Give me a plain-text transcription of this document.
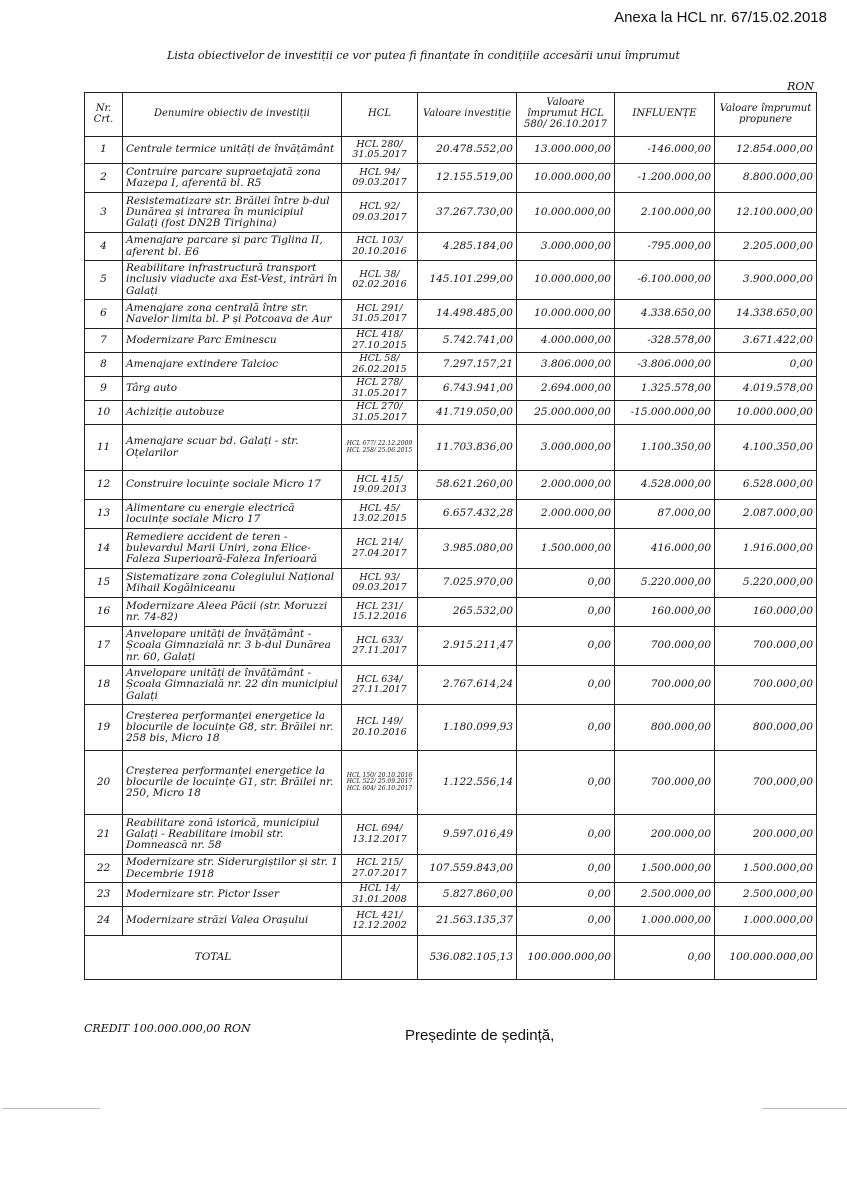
Anexa la HCL nr. 67/15.02.2018
Lista obiectivelor de investiții ce vor putea fi finanțate în condițiile accesării unui împrumut
RON
Nr. Crt.	Denumire obiectiv de investiții	HCL	Valoare investiție	Valoare împrumut HCL 580/ 26.10.2017	INFLUENȚE	Valoare împrumut propunere
1	Centrale termice unități de învățământ	HCL 280/ 31.05.2017	20.478.552,00	13.000.000,00	-146.000,00	12.854.000,00
2	Contruire parcare supraetajată zona Mazepa I, aferentă bl. R5	HCL 94/ 09.03.2017	12.155.519,00	10.000.000,00	-1.200.000,00	8.800.000,00
3	Resistematizare str. Brăilei între b-dul Dunărea și intrarea în municipiul Galați (fost DN2B Tirighina)	HCL 92/ 09.03.2017	37.267.730,00	10.000.000,00	2.100.000,00	12.100.000,00
4	Amenajare parcare și parc Tiglina II, aferent bl. E6	HCL 103/ 20.10.2016	4.285.184,00	3.000.000,00	-795.000,00	2.205.000,00
5	Reabilitare infrastructură transport inclusiv viaducte axa Est-Vest, intrări în Galați	HCL 38/ 02.02.2016	145.101.299,00	10.000.000,00	-6.100.000,00	3.900.000,00
6	Amenajare zona centrală între str. Navelor limita bl. P și Potcoava de Aur	HCL 291/ 31.05.2017	14.498.485,00	10.000.000,00	4.338.650,00	14.338.650,00
7	Modernizare Parc Eminescu	HCL 418/ 27.10.2015	5.742.741,00	4.000.000,00	-328.578,00	3.671.422,00
8	Amenajare extindere Talcioc	HCL 58/ 26.02.2015	7.297.157,21	3.806.000,00	-3.806.000,00	0,00
9	Târg auto	HCL 278/ 31.05.2017	6.743.941,00	2.694.000,00	1.325.578,00	4.019.578,00
10	Achiziție autobuze	HCL 270/ 31.05.2017	41.719.050,00	25.000.000,00	-15.000.000,00	10.000.000,00
11	Amenajare scuar bd. Galați - str. Oțelarilor	HCL 677/ 22.12.2009 HCL 258/ 25.06.2015	11.703.836,00	3.000.000,00	1.100.350,00	4.100.350,00
12	Construire locuințe sociale Micro 17	HCL 415/ 19.09.2013	58.621.260,00	2.000.000,00	4.528.000,00	6.528.000,00
13	Alimentare cu energie electrică locuințe sociale Micro 17	HCL 45/ 13.02.2015	6.657.432,28	2.000.000,00	87.000,00	2.087.000,00
14	Remediere accident de teren - bulevardul Marii Uniri, zona Elice-Faleza Superioară-Faleza Inferioară	HCL 214/ 27.04.2017	3.985.080,00	1.500.000,00	416.000,00	1.916.000,00
15	Sistematizare zona Colegiului Național Mihail Kogălniceanu	HCL 93/ 09.03.2017	7.025.970,00	0,00	5.220.000,00	5.220.000,00
16	Modernizare Aleea Păcii (str. Moruzzi nr. 74-82)	HCL 231/ 15.12.2016	265.532,00	0,00	160.000,00	160.000,00
17	Anvelopare unități de învățământ - Școala Gimnazială nr. 3 b-dul Dunărea nr. 60, Galați	HCL 633/ 27.11.2017	2.915.211,47	0,00	700.000,00	700.000,00
18	Anvelopare unități de învățământ - Școala Gimnazială nr. 22 din municipiul Galați	HCL 634/ 27.11.2017	2.767.614,24	0,00	700.000,00	700.000,00
19	Creșterea performanței energetice la blocurile de locuințe G8, str. Brăilei nr. 258 bis, Micro 18	HCL 149/ 20.10.2016	1.180.099,93	0,00	800.000,00	800.000,00
20	Creșterea performanței energetice la blocurile de locuințe G1, str. Brăilei nr. 250, Micro 18	HCL 150/ 20.10.2016 HCL 522/ 25.09.2017 HCL 604/ 26.10.2017	1.122.556,14	0,00	700.000,00	700.000,00
21	Reabilitare zonă istorică, municipiul Galați - Reabilitare imobil str. Domnească nr. 58	HCL 694/ 13.12.2017	9.597.016,49	0,00	200.000,00	200.000,00
22	Modernizare str. Siderurgiștilor și str. 1 Decembrie 1918	HCL 215/ 27.07.2017	107.559.843,00	0,00	1.500.000,00	1.500.000,00
23	Modernizare str. Pictor Isser	HCL 14/ 31.01.2008	5.827.860,00	0,00	2.500.000,00	2.500.000,00
24	Modernizare străzi Valea Orașului	HCL 421/ 12.12.2002	21.563.135,37	0,00	1.000.000,00	1.000.000,00
TOTAL			536.082.105,13	100.000.000,00	0,00	100.000.000,00
CREDIT 100.000.000,00 RON	Președinte de ședință,
